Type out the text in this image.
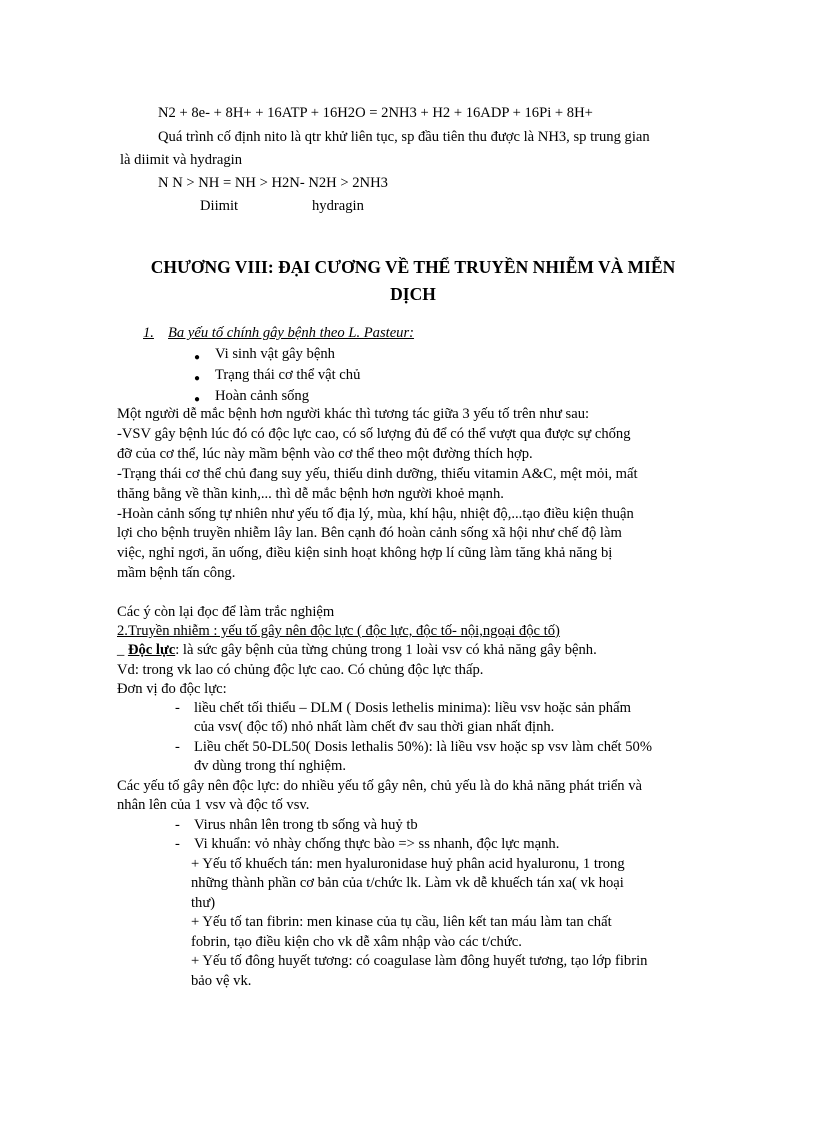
N2 + 8e- + 8H+ + 16ATP + 16H2O = 2NH3 + H2 + 16ADP + 16Pi + 8H+
Quá trình cố định nito là qtr khử liên tục, sp đầu tiên thu được là NH3, sp trung gian
là diimit và hydragin
N N > NH = NH > H2N- N2H > 2NH3
Diimit	hydragin
CHƯƠNG VIII: ĐẠI CƯƠNG VỀ THỂ TRUYỀN NHIỄM VÀ MIỄN
DỊCH
1. Ba yếu tố chính gây bệnh theo L. Pasteur:
● Vi sinh vật gây bệnh
● Trạng thái cơ thể vật chủ
● Hoàn cảnh sống
Một người dễ mắc bệnh hơn người khác thì tương tác giữa 3 yếu tố trên như sau:
-VSV gây bệnh lúc đó có độc lực cao, có số lượng đủ để có thể vượt qua được sự chống
đỡ của cơ thể, lúc này mầm bệnh vào cơ thể theo một đường thích hợp.
-Trạng thái cơ thể chủ đang suy yếu, thiếu dinh dưỡng, thiếu vitamin A&C, mệt mỏi, mất
thăng bằng về thần kinh,... thì dễ mắc bệnh hơn người khoẻ mạnh.
-Hoàn cảnh sống tự nhiên như yếu tố địa lý, mùa, khí hậu, nhiệt độ,...tạo điều kiện thuận
lợi cho bệnh truyền nhiễm lây lan. Bên cạnh đó hoàn cảnh sống xã hội như chế độ làm
việc, nghỉ ngơi, ăn uống, điều kiện sinh hoạt không hợp lí cũng làm tăng khả năng bị
mầm bệnh tấn công.
Các ý còn lại đọc để làm trắc nghiệm
2.Truyền nhiễm : yếu tố gây nên độc lực ( độc lực, độc tố- nội,ngoại độc tố)
_ Độc lực: là sức gây bệnh của từng chủng trong 1 loài vsv có khả năng gây bệnh.
Vd: trong vk lao có chủng độc lực cao. Có chủng độc lực thấp.
Đơn vị đo độc lực:
- liều chết tối thiểu – DLM ( Dosis lethelis minima): liều vsv hoặc sản phẩm
của vsv( độc tố) nhỏ nhất làm chết đv sau thời gian nhất định.
- Liều chết 50-DL50( Dosis lethalis 50%): là liều vsv hoặc sp vsv làm chết 50%
đv dùng trong thí nghiệm.
Các yếu tố gây nên độc lực: do nhiều yếu tố gây nên, chủ yếu là do khả năng phát triển và
nhân lên của 1 vsv và độc tố vsv.
- Virus nhân lên trong tb sống và huỷ tb
- Vi khuẩn: vỏ nhày chống thực bào => ss nhanh, độc lực mạnh.
+ Yếu tố khuếch tán: men hyaluronidase huỷ phân acid hyaluronu, 1 trong
những thành phần cơ bản của t/chức lk. Làm vk dễ khuếch tán xa( vk hoại
thư)
+ Yếu tố tan fibrin: men kinase của tụ cầu, liên kết tan máu làm tan chất
fobrin, tạo điều kiện cho vk dễ xâm nhập vào các t/chức.
+ Yếu tố đông huyết tương: có coagulase làm đông huyết tương, tạo lớp fibrin
bảo vệ vk.
